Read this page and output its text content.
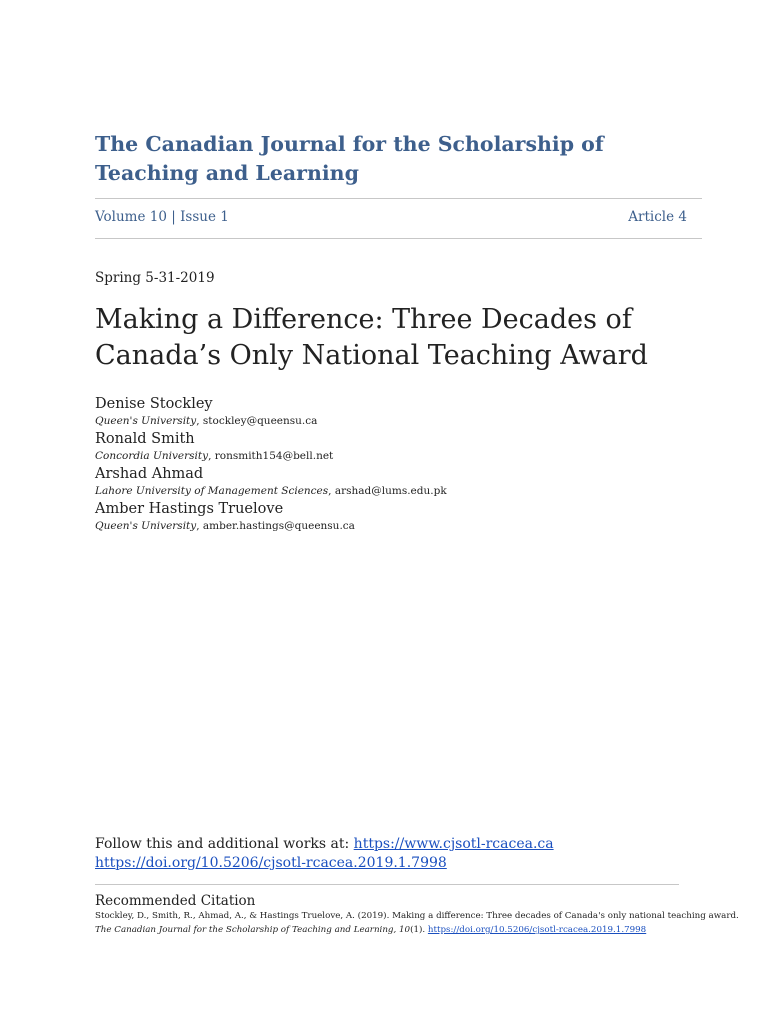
The Canadian Journal for the Scholarship of Teaching and Learning
Volume 10 | Issue 1	Article 4
Spring 5-31-2019
Making a Difference: Three Decades of Canada’s Only National Teaching Award
Denise Stockley
Queen's University, stockley@queensu.ca
Ronald Smith
Concordia University, ronsmith154@bell.net
Arshad Ahmad
Lahore University of Management Sciences, arshad@lums.edu.pk
Amber Hastings Truelove
Queen's University, amber.hastings@queensu.ca
Follow this and additional works at: https://www.cjsotl-rcacea.ca
https://doi.org/10.5206/cjsotl-rcacea.2019.1.7998
Recommended Citation
Stockley, D., Smith, R., Ahmad, A., & Hastings Truelove, A. (2019). Making a difference: Three decades of Canada's only national teaching award.
The Canadian Journal for the Scholarship of Teaching and Learning, 10(1). https://doi.org/10.5206/cjsotl-rcacea.2019.1.7998
